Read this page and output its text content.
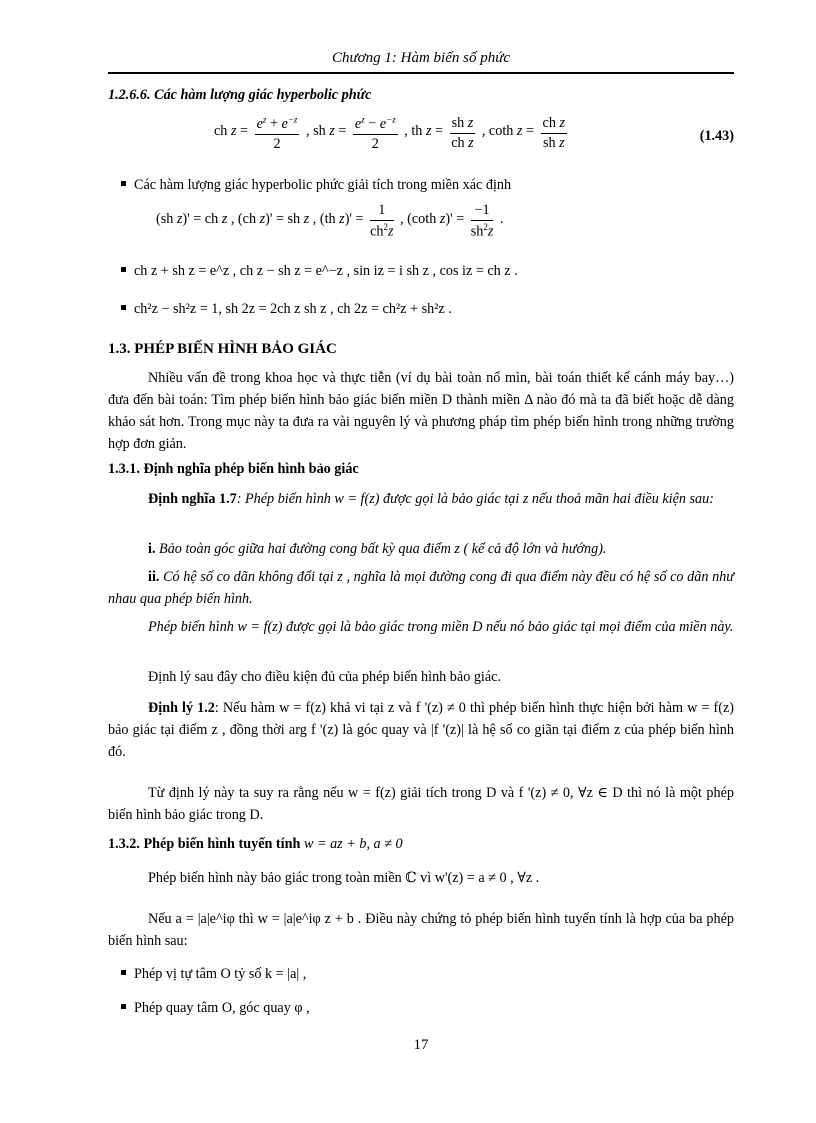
Chương 1: Hàm biến số phức
1.2.6.6. Các hàm lượng giác hyperbolic phức
ch $z = \frac{e^z + e^{-z}}{2}$ , sh $z = \frac{e^z - e^{-z}}{2}$ , th $z = \frac{\text{sh z}}{\text{ch z}}$ , coth $z = \frac{\text{ch z}}{\text{sh z}}$	(1.43)
Các hàm lượng giác hyperbolic phức giải tích trong miền xác định
(sh z)' = ch z , (ch z)' = sh z , (th $z)' = \frac{1}{ch^2z}$ , (coth $z)' = \frac{-1}{sh^2z}$ .
ch z + sh z = e^z , ch z − sh z = e^−z , sin iz = i sh z , cos iz = ch z .
ch²z − sh²z = 1, sh 2z = 2ch z sh z , ch 2z = ch²z + sh²z .
1.3. PHÉP BIẾN HÌNH BẢO GIÁC
Nhiều vấn đề trong khoa học và thực tiễn (ví dụ bài toàn nổ mìn, bài toán thiết kế cánh máy bay…) đưa đến bài toán: Tìm phép biến hình bảo giác biến miền D thành miền Δ nào đó mà ta đã biết hoặc dễ dàng khảo sát hơn. Trong mục này ta đưa ra vài nguyên lý và phương pháp tìm phép biến hình trong những trường hợp đơn giản.
1.3.1. Định nghĩa phép biến hình bảo giác
Định nghĩa 1.7: Phép biến hình w = f(z) được gọi là bảo giác tại z nếu thoả mãn hai điều kiện sau:
i. Bảo toàn góc giữa hai đường cong bất kỳ qua điểm z ( kể cả độ lớn và hướng).
ii. Có hệ số co dãn không đổi tại z , nghĩa là mọi đường cong đi qua điểm này đều có hệ số co dãn như nhau qua phép biến hình.
Phép biến hình w = f(z) được gọi là bảo giác trong miền D nếu nó bảo giác tại mọi điểm của miền này.
Định lý sau đây cho điều kiện đủ của phép biến hình bảo giác.
Định lý 1.2: Nếu hàm w = f(z) khả vi tại z và f '(z) ≠ 0 thì phép biến hình thực hiện bởi hàm w = f(z) bảo giác tại điểm z , đồng thời arg f '(z) là góc quay và |f '(z)| là hệ số co giãn tại điểm z của phép biến hình đó.
Từ định lý này ta suy ra rằng nếu w = f(z) giải tích trong D và f '(z) ≠ 0, ∀z ∈ D thì nó là một phép biến hình bảo giác trong D.
1.3.2. Phép biến hình tuyến tính w = az + b, a ≠ 0
Phép biến hình này bảo giác trong toàn miền ℂ vì w'(z) = a ≠ 0 , ∀z .
Nếu a = |a|e^iφ thì w = |a|e^iφ z + b . Điều này chứng tỏ phép biến hình tuyến tính là hợp của ba phép biến hình sau:
Phép vị tự tâm O tỷ số k = |a| ,
Phép quay tâm O, góc quay φ ,
17
